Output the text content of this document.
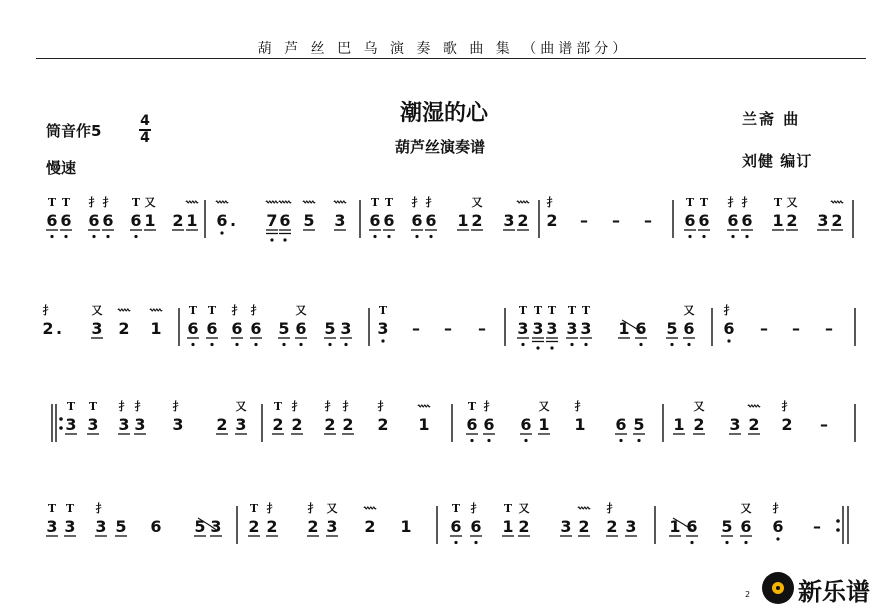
葫 芦 丝 巴 乌 演 奏 歌 曲 集 （曲谱部分）
潮湿的心
葫芦丝演奏谱
筒音作5
4
4
慢速
兰斋 曲
刘健 编订
6
T
6
T
6
扌
6
扌
6
T
1
又
2 1 6 . 7 6 5 3 6
T
6
T
6
扌
6
扌
1 2
又
3 2 2
扌
– – – 6
T
6
T
6
扌
6
扌
1
T
2
又
3 2
2
扌
. 3
又
2 1 6
T
6
T
6
扌
6
扌
5 6
又
5 3 3
T
– – – 3
T
3
T
3
T
3
T
3
T
1 6 5 6
又
6
扌
– – –
3
T
3
T
3
扌
3
扌
3
扌
2 3
又
2
T
2
扌
2
扌
2
扌
2
扌
1 6
T
6
扌
6 1
又
1
扌
6 5 1 2
又
3 2 2
扌
–
3
T
3
T
3
扌
5 6 5 3 2
T
2
扌
2
扌
3
又
2 1 6
T
6
扌
1
T
2
又
3 2 2
扌
3 1 6 5 6
又
6
扌
–
2 新乐谱
